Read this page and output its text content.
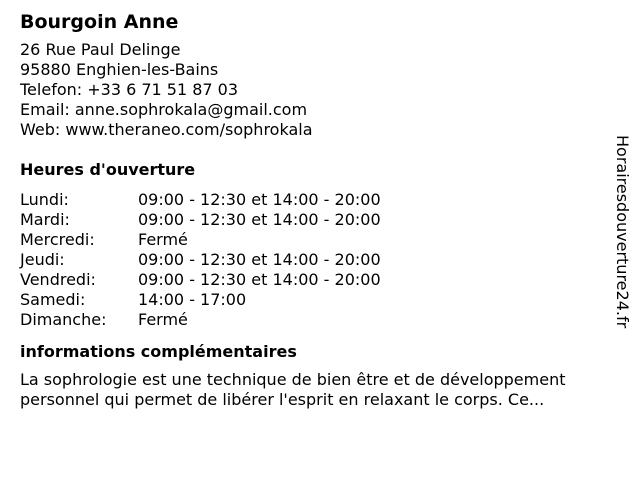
Bourgoin Anne
26 Rue Paul Delinge
95880 Enghien-les-Bains
Telefon: +33 6 71 51 87 03
Email: anne.sophrokala@gmail.com
Web: www.theraneo.com/sophrokala
Heures d'ouverture
Lundi:	09:00 - 12:30 et 14:00 - 20:00
Mardi:	09:00 - 12:30 et 14:00 - 20:00
Mercredi:	Fermé
Jeudi:	09:00 - 12:30 et 14:00 - 20:00
Vendredi:	09:00 - 12:30 et 14:00 - 20:00
Samedi:	14:00 - 17:00
Dimanche:	Fermé
informations complémentaires
La sophrologie est une technique de bien être et de développement personnel qui permet de libérer l'esprit en relaxant le corps. Ce...
Horairesdouverture24.fr
